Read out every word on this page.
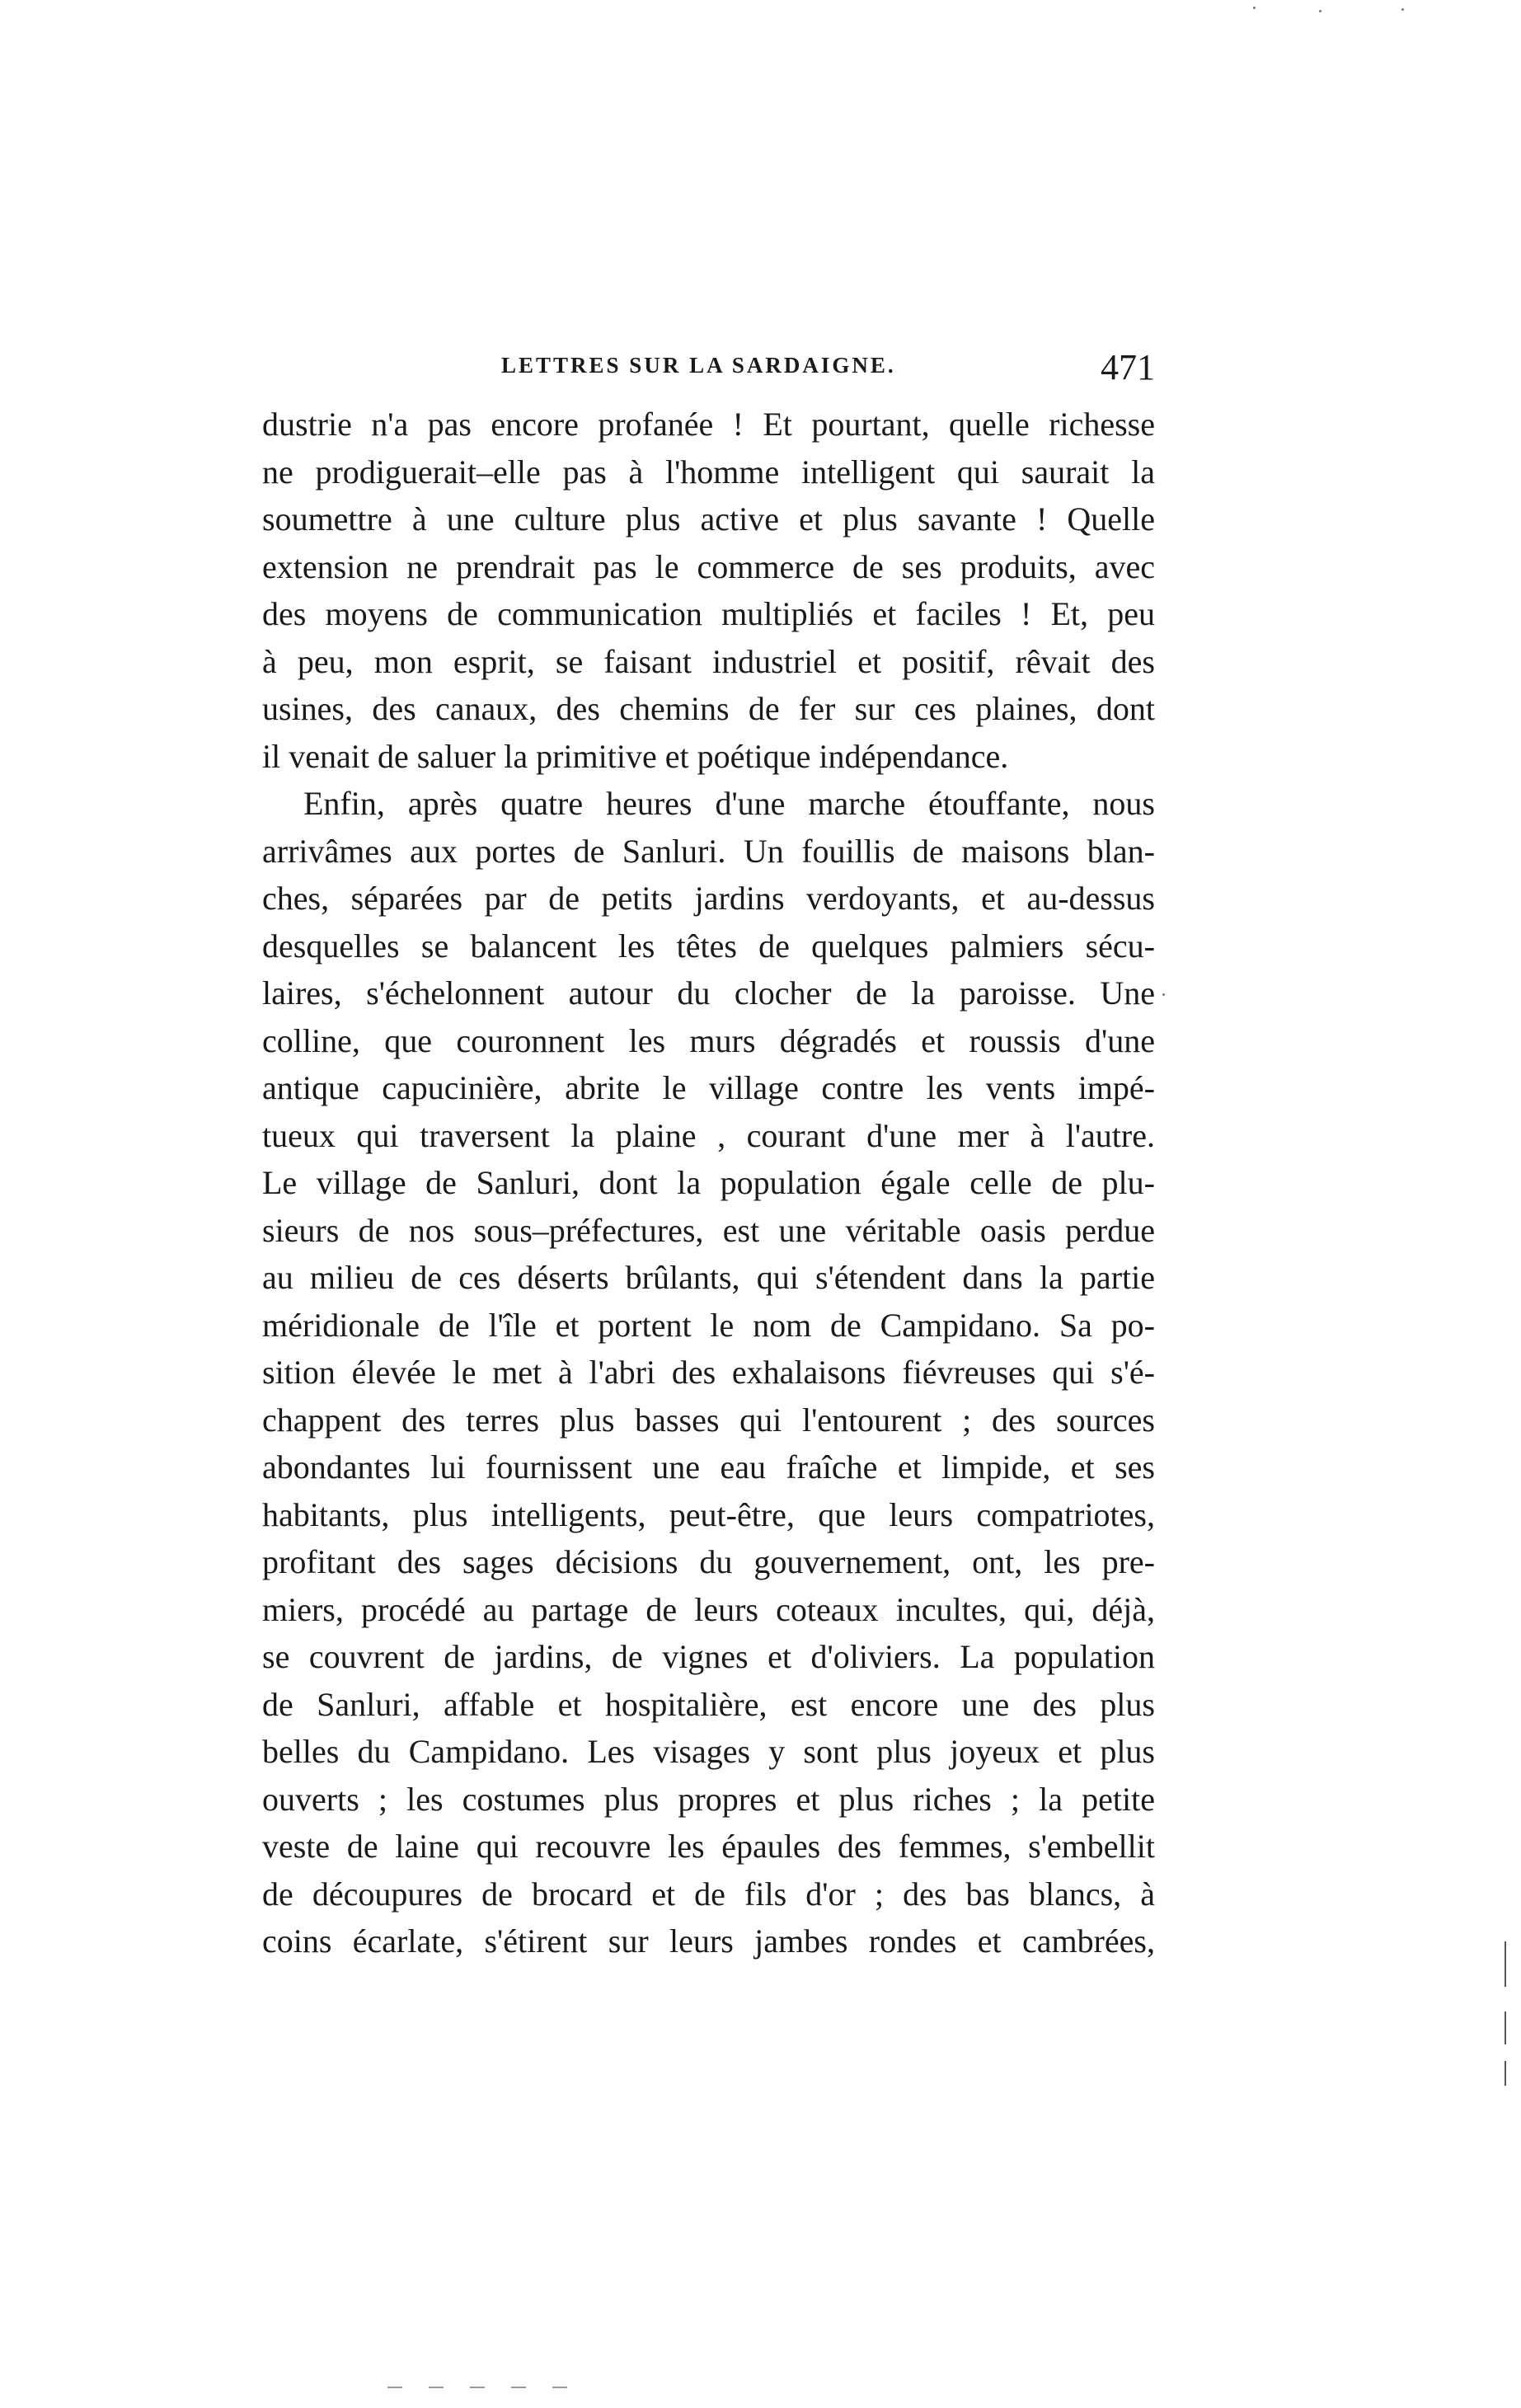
LETTRES SUR LA SARDAIGNE.	471
dustrie n'a pas encore profanée ! Et pourtant, quelle richesse
ne prodiguerait–elle pas à l'homme intelligent qui saurait la
soumettre à une culture plus active et plus savante ! Quelle
extension ne prendrait pas le commerce de ses produits, avec
des moyens de communication multipliés et faciles ! Et, peu
à peu, mon esprit, se faisant industriel et positif, rêvait des
usines, des canaux, des chemins de fer sur ces plaines, dont
il venait de saluer la primitive et poétique indépendance.
Enfin, après quatre heures d'une marche étouffante, nous
arrivâmes aux portes de Sanluri. Un fouillis de maisons blan-
ches, séparées par de petits jardins verdoyants, et au-dessus
desquelles se balancent les têtes de quelques palmiers sécu-
laires, s'échelonnent autour du clocher de la paroisse. Une
colline, que couronnent les murs dégradés et roussis d'une
antique capucinière, abrite le village contre les vents impé-
tueux qui traversent la plaine , courant d'une mer à l'autre.
Le village de Sanluri, dont la population égale celle de plu-
sieurs de nos sous–préfectures, est une véritable oasis perdue
au milieu de ces déserts brûlants, qui s'étendent dans la partie
méridionale de l'île et portent le nom de Campidano. Sa po-
sition élevée le met à l'abri des exhalaisons fiévreuses qui s'é-
chappent des terres plus basses qui l'entourent ; des sources
abondantes lui fournissent une eau fraîche et limpide, et ses
habitants, plus intelligents, peut-être, que leurs compatriotes,
profitant des sages décisions du gouvernement, ont, les pre-
miers, procédé au partage de leurs coteaux incultes, qui, déjà,
se couvrent de jardins, de vignes et d'oliviers. La population
de Sanluri, affable et hospitalière, est encore une des plus
belles du Campidano. Les visages y sont plus joyeux et plus
ouverts ; les costumes plus propres et plus riches ; la petite
veste de laine qui recouvre les épaules des femmes, s'embellit
de découpures de brocard et de fils d'or ; des bas blancs, à
coins écarlate, s'étirent sur leurs jambes rondes et cambrées,
